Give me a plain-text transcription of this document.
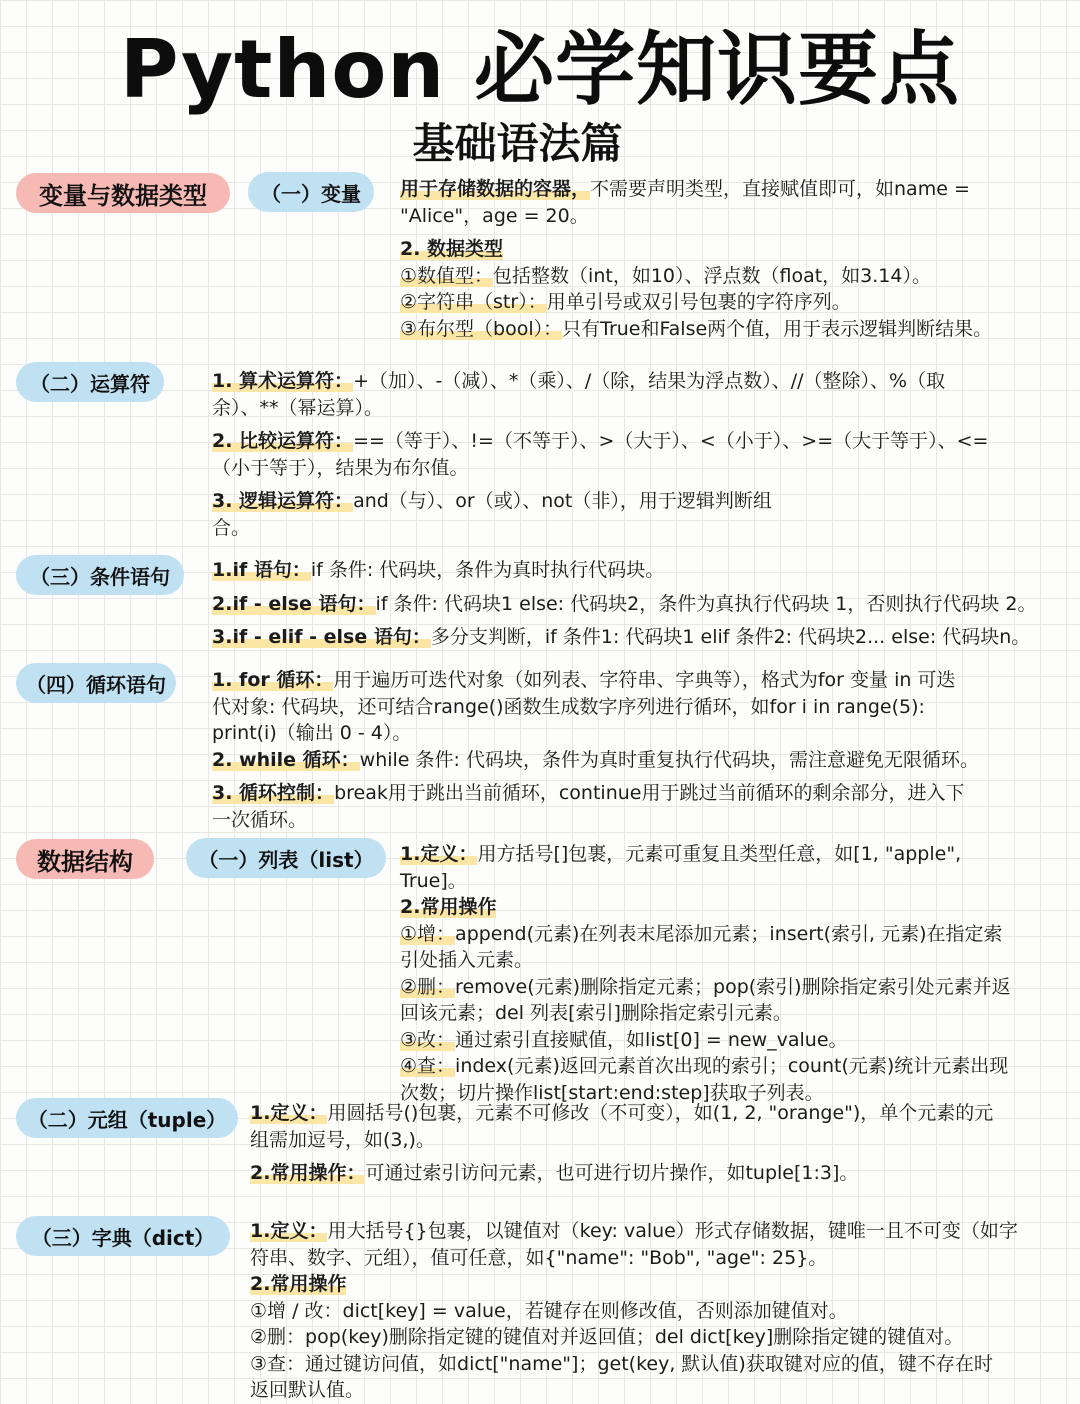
Python 必学知识要点
基础语法篇
变量与数据类型
数据结构
（一）变量
（二）运算符
（三）条件语句
（四）循环语句
（一）列表（list）
（二）元组（tuple）
（三）字典（dict）

用于存储数据的容器，不需要声明类型，直接赋值即可，如name =

"Alice"，age = 20。

2. 数据类型

①数值型：包括整数（int，如10）、浮点数（float，如3.14）。

②字符串（str）：用单引号或双引号包裹的字符序列。

③布尔型（bool）：只有True和False两个值，用于表示逻辑判断结果。

1. 算术运算符：+（加）、-（减）、*（乘）、/（除，结果为浮点数）、//（整除）、%（取

余）、**（幂运算）。

2. 比较运算符：==（等于）、!=（不等于）、>（大于）、<（小于）、>=（大于等于）、<=

（小于等于），结果为布尔值。

3. 逻辑运算符：and（与）、or（或）、not（非），用于逻辑判断组

合。

1.if 语句：if 条件: 代码块，条件为真时执行代码块。

2.if - else 语句：if 条件: 代码块1 else: 代码块2，条件为真执行代码块 1，否则执行代码块 2。

3.if - elif - else 语句：多分支判断，if 条件1: 代码块1 elif 条件2: 代码块2... else: 代码块n。

1. for 循环：用于遍历可迭代对象（如列表、字符串、字典等），格式为for 变量 in 可迭

代对象: 代码块，还可结合range()函数生成数字序列进行循环，如for i in range(5):

print(i)（输出 0 - 4）。

2. while 循环：while 条件: 代码块，条件为真时重复执行代码块，需注意避免无限循环。

3. 循环控制：break用于跳出当前循环，continue用于跳过当前循环的剩余部分，进入下

一次循环。

1.定义：用方括号[]包裹，元素可重复且类型任意，如[1, "apple",

True]。

2.常用操作

①增：append(元素)在列表末尾添加元素；insert(索引, 元素)在指定索

引处插入元素。

②删：remove(元素)删除指定元素；pop(索引)删除指定索引处元素并返

回该元素；del 列表[索引]删除指定索引元素。

③改：通过索引直接赋值，如list[0] = new_value。

④查：index(元素)返回元素首次出现的索引；count(元素)统计元素出现

次数；切片操作list[start:end:step]获取子列表。

1.定义：用圆括号()包裹，元素不可修改（不可变），如(1, 2, "orange")，单个元素的元

组需加逗号，如(3,)。

2.常用操作：可通过索引访问元素，也可进行切片操作，如tuple[1:3]。

1.定义：用大括号{}包裹，以键值对（key: value）形式存储数据，键唯一且不可变（如字

符串、数字、元组），值可任意，如{"name": "Bob", "age": 25}。

2.常用操作

①增 / 改：dict[key] = value，若键存在则修改值，否则添加键值对。

②删：pop(key)删除指定键的键值对并返回值；del dict[key]删除指定键的键值对。

③查：通过键访问值，如dict["name"]；get(key, 默认值)获取键对应的值，键不存在时

返回默认值。
